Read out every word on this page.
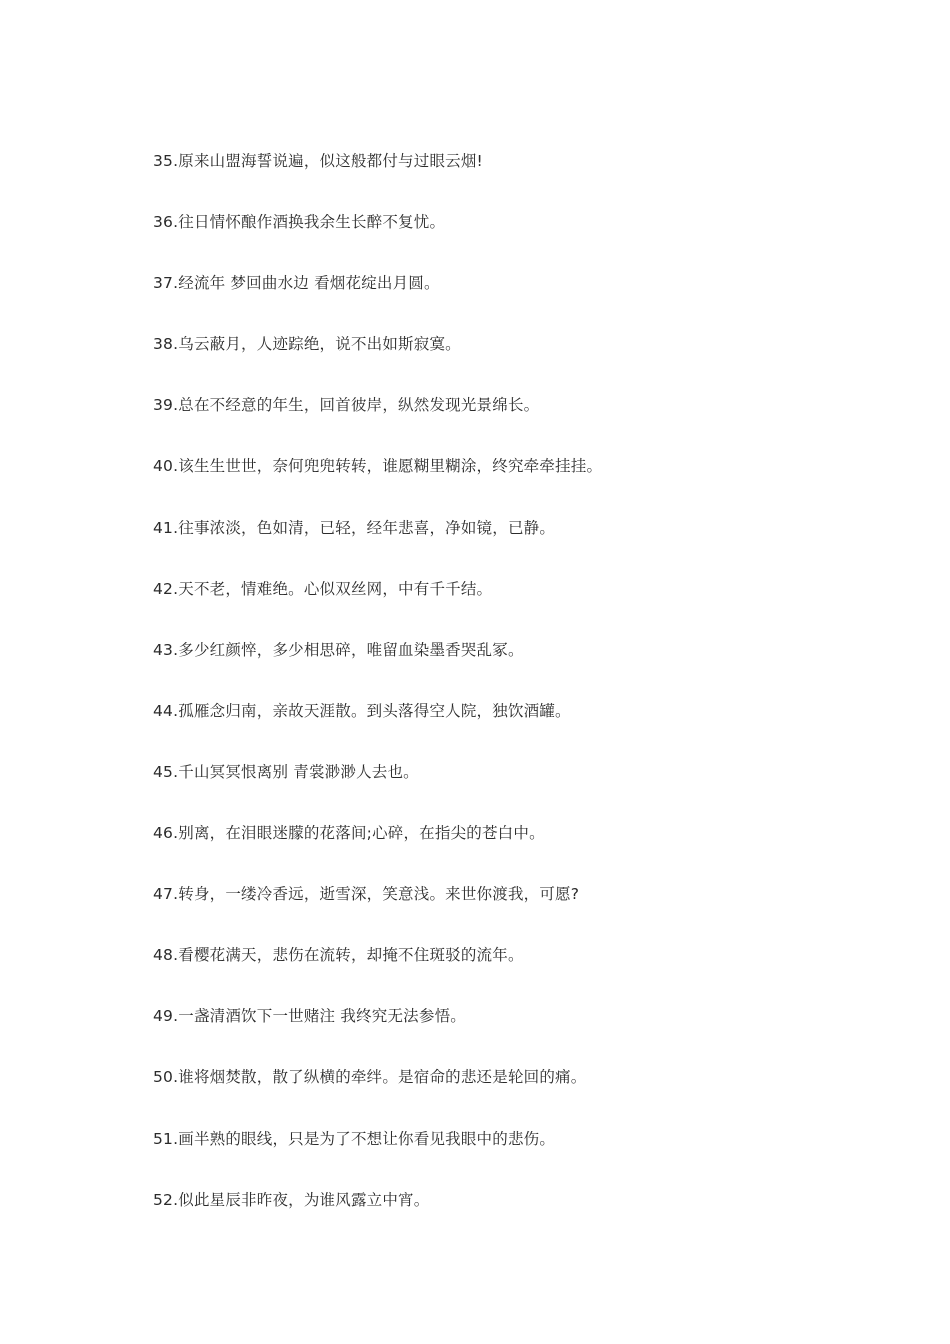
35.原来山盟海誓说遍，似这般都付与过眼云烟!
36.往日情怀酿作酒换我余生长醉不复忧。
37.经流年 梦回曲水边 看烟花绽出月圆。
38.乌云蔽月，人迹踪绝，说不出如斯寂寞。
39.总在不经意的年生，回首彼岸，纵然发现光景绵长。
40.该生生世世，奈何兜兜转转，谁愿糊里糊涂，终究牵牵挂挂。
41.往事浓淡，色如清，已轻，经年悲喜，净如镜，已静。
42.天不老，情难绝。心似双丝网，中有千千结。
43.多少红颜悴，多少相思碎，唯留血染墨香哭乱冢。
44.孤雁念归南，亲故天涯散。到头落得空人院，独饮酒罐。
45.千山冥冥恨离别 青裳渺渺人去也。
46.别离，在泪眼迷朦的花落间;心碎，在指尖的苍白中。
47.转身，一缕冷香远，逝雪深，笑意浅。来世你渡我，可愿?
48.看樱花满天，悲伤在流转，却掩不住斑驳的流年。
49.一盏清酒饮下一世赌注 我终究无法参悟。
50.谁将烟焚散，散了纵横的牵绊。是宿命的悲还是轮回的痛。
51.画半熟的眼线，只是为了不想让你看见我眼中的悲伤。
52.似此星辰非昨夜，为谁风露立中宵。
